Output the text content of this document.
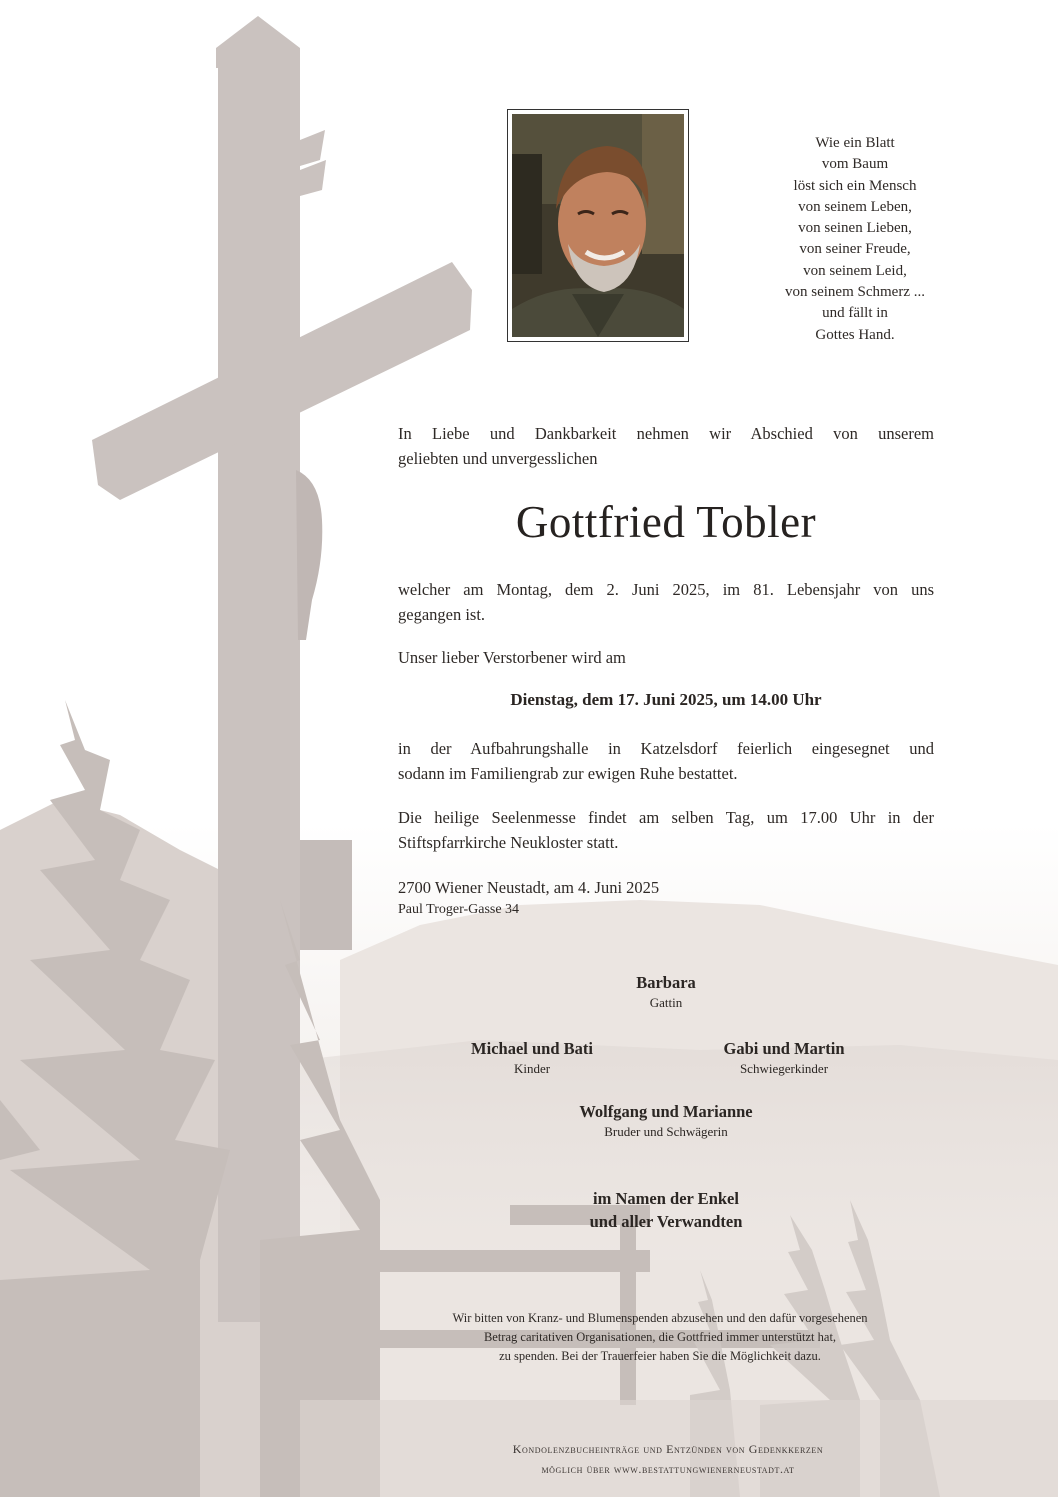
Wie ein Blatt
vom Baum
löst sich ein Mensch
von seinem Leben,
von seinen Lieben,
von seiner Freude,
von seinem Leid,
von seinem Schmerz ...
und fällt in
Gottes Hand.
In Liebe und Dankbarkeit nehmen wir Abschied von unserem
geliebten und unvergesslichen
Gottfried Tobler
welcher am Montag, dem 2. Juni 2025, im 81. Lebensjahr von uns
gegangen ist.
Unser lieber Verstorbener wird am
Dienstag, dem 17. Juni 2025, um 14.00 Uhr
in der Aufbahrungshalle in Katzelsdorf feierlich eingesegnet und
sodann im Familiengrab zur ewigen Ruhe bestattet.
Die heilige Seelenmesse findet am selben Tag, um 17.00 Uhr in der
Stiftspfarrkirche Neukloster statt.
2700 Wiener Neustadt, am 4. Juni 2025
Paul Troger-Gasse 34
Barbara
Gattin
Michael und Bati
Kinder
Gabi und Martin
Schwiegerkinder
Wolfgang und Marianne
Bruder und Schwägerin
im Namen der Enkel
und aller Verwandten
Wir bitten von Kranz- und Blumenspenden abzusehen und den dafür vorgesehenen
Betrag caritativen Organisationen, die Gottfried immer unterstützt hat,
zu spenden. Bei der Trauerfeier haben Sie die Möglichkeit dazu.
Kondolenzbucheinträge und Entzünden von Gedenkkerzen
möglich über www.bestattungwienerneustadt.at
